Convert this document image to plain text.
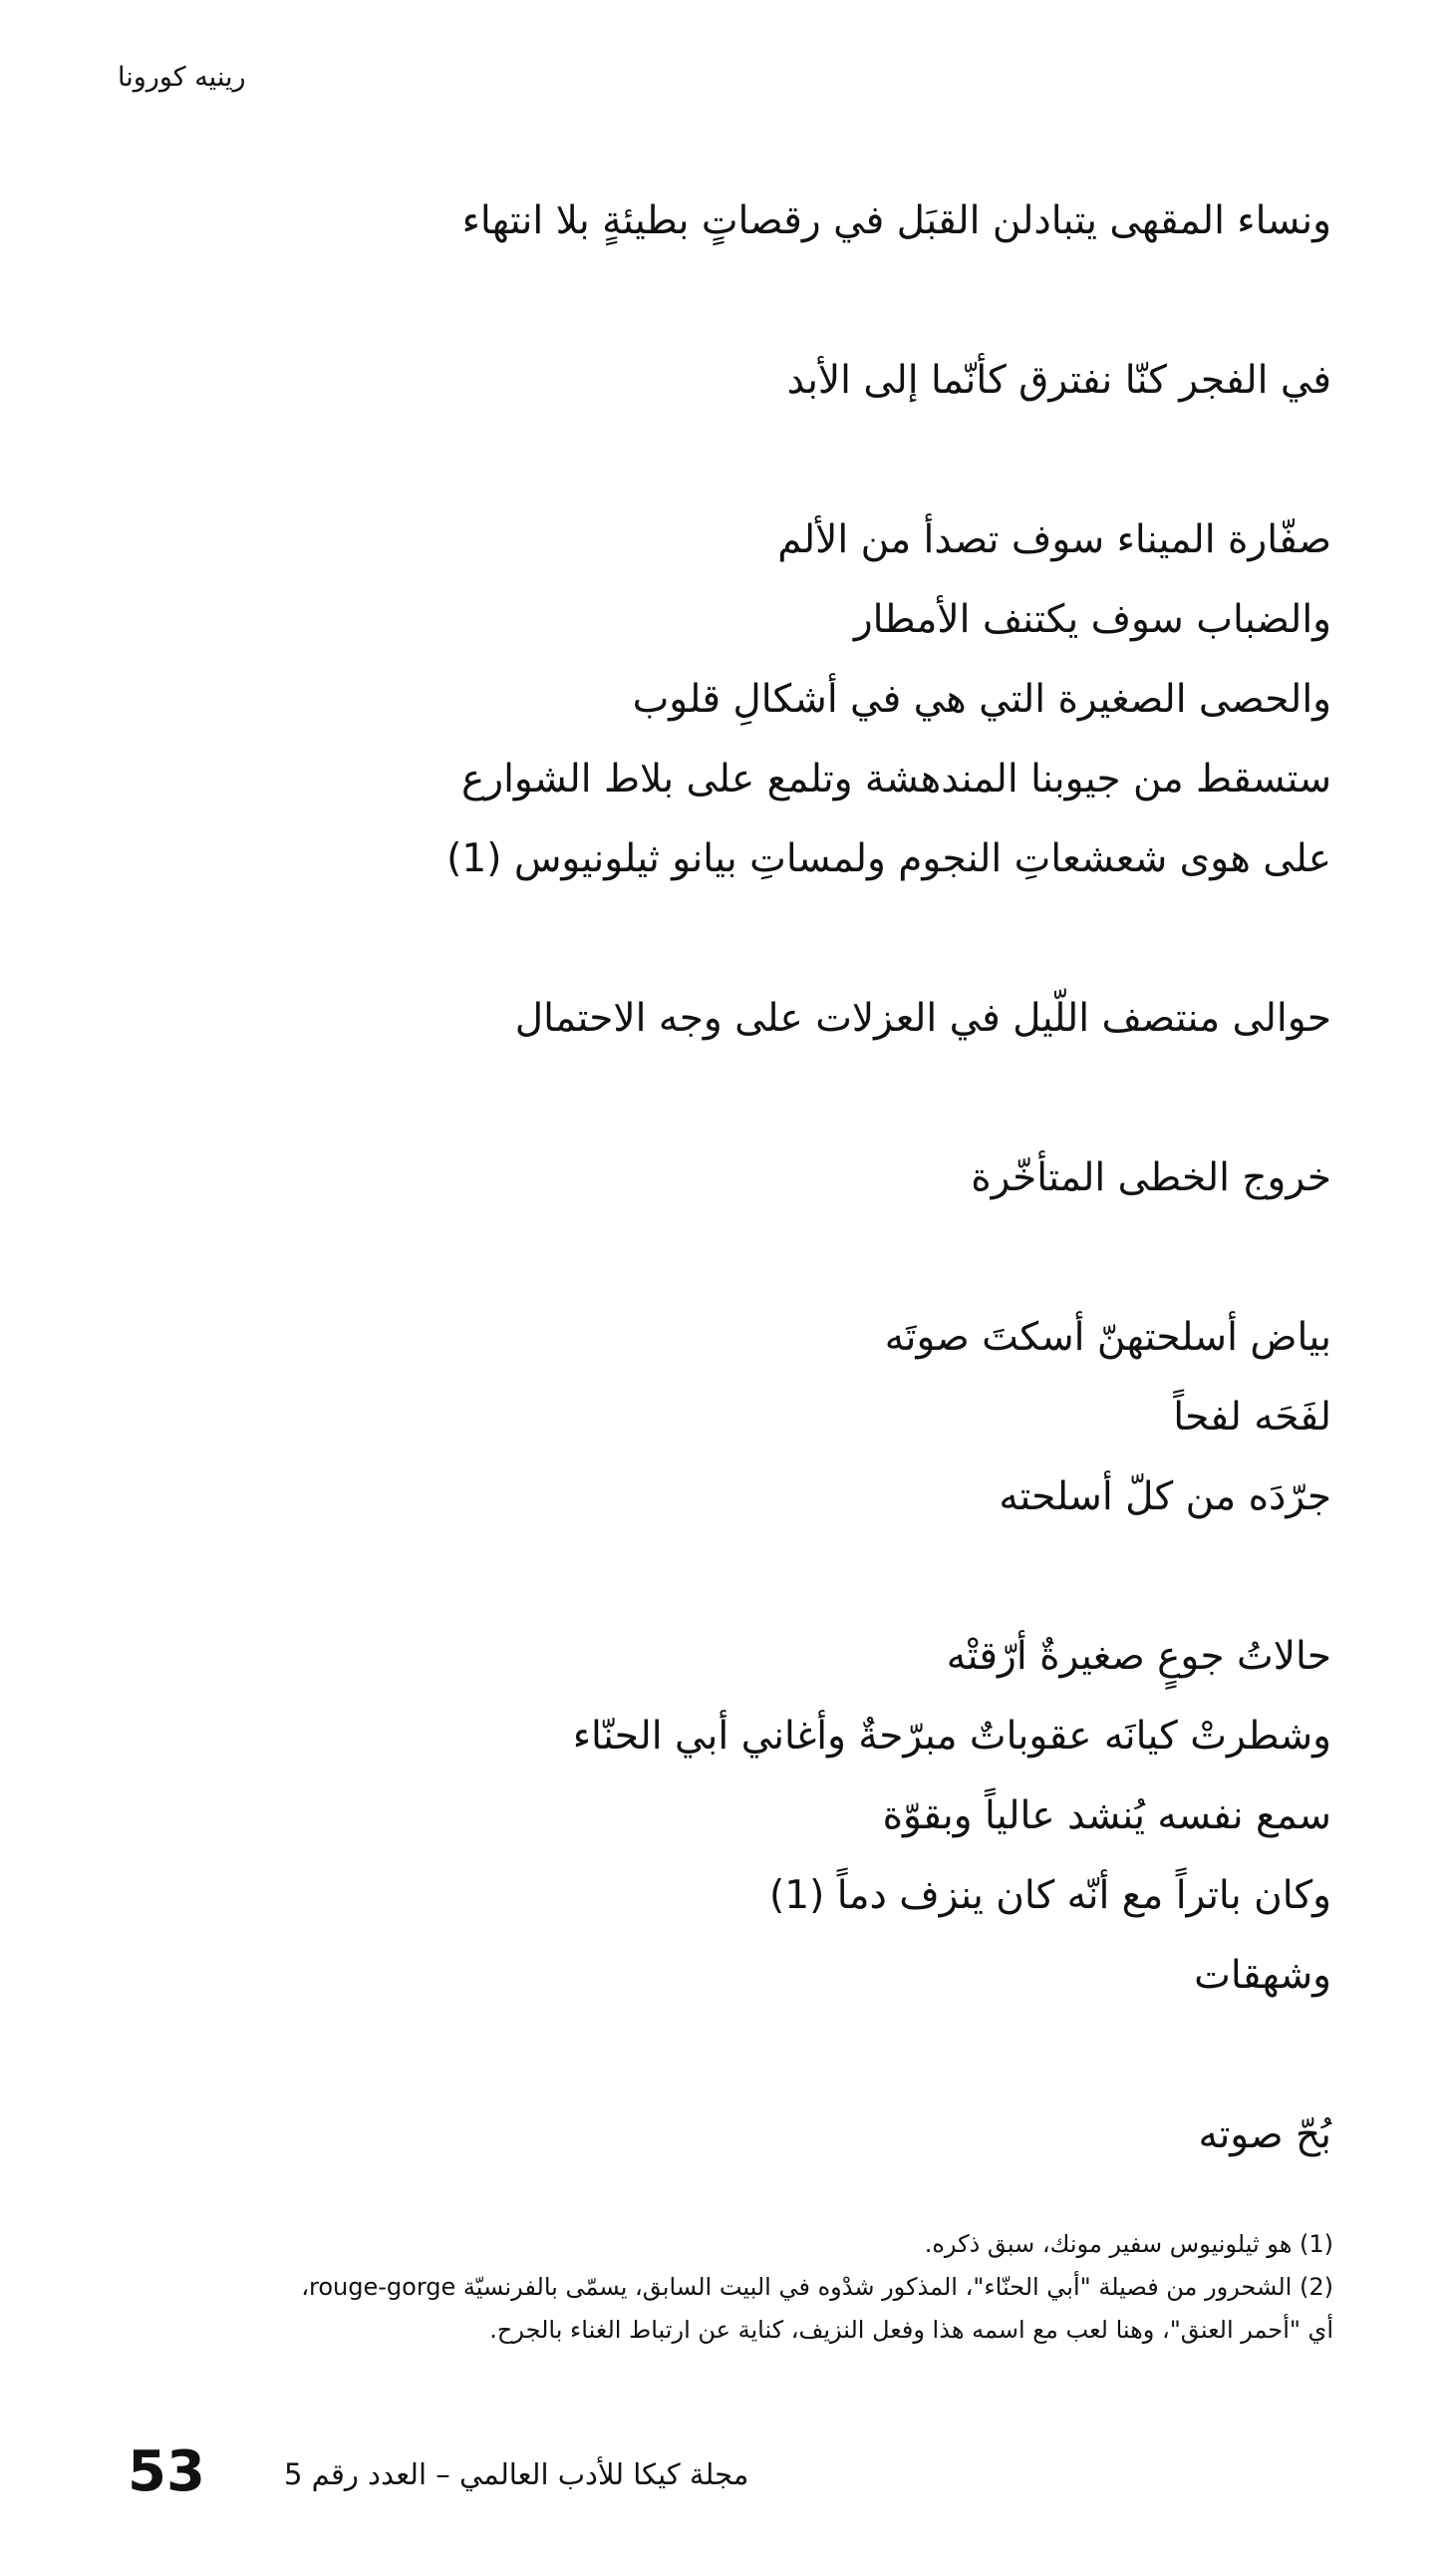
رينيه كورونا
ونساء المقهى يتبادلن القبَل في رقصاتٍ بطيئةٍ بلا انتهاء
في الفجر كنّا نفترق كأنّما إلى الأبد
صفّارة الميناء سوف تصدأ من الألم
والضباب سوف يكتنف الأمطار
والحصى الصغيرة التي هي في أشكالِ قلوب
ستسقط من جيوبنا المندهشة وتلمع على بلاط الشوارع
على هوى شعشعاتِ النجوم ولمساتِ بيانو ثيلونيوس (1)
حوالى منتصف اللّيل في العزلات على وجه الاحتمال
خروج الخطى المتأخّرة
بياض أسلحتهنّ أسكتَ صوتَه
لفَحَه لفحاً
جرّدَه من كلّ أسلحته
حالاتُ جوعٍ صغيرةٌ أرّقتْه
وشطرتْ كيانَه عقوباتٌ مبرّحةٌ وأغاني أبي الحنّاء
سمع نفسه يُنشد عالياً وبقوّة
وكان باتراً مع أنّه كان ينزف دماً (1)
وشهقات
بُحّ صوته
(1) هو ثيلونيوس سفير مونك، سبق ذكره.
(2) الشحرور من فصيلة "أبي الحنّاء"، المذكور شدْوه في البيت السابق، يسمّى بالفرنسيّة rouge-gorge،
أي "أحمر العنق"، وهنا لعب مع اسمه هذا وفعل النزيف، كناية عن ارتباط الغناء بالجرح.
53	مجلة كيكا للأدب العالمي – العدد رقم 5
